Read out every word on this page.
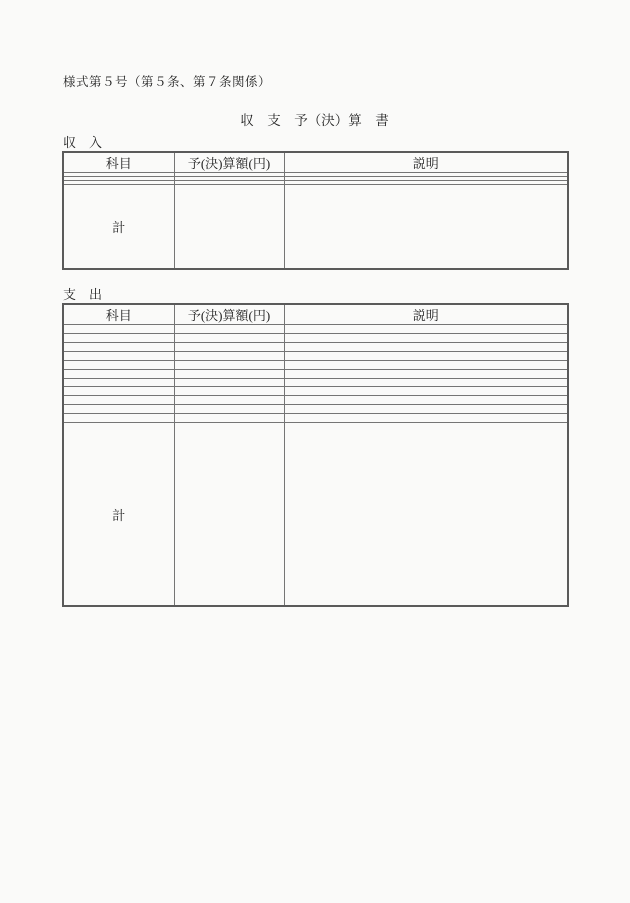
様式第５号（第５条、第７条関係）
収　支　予（決）算　書
収　入
科目	予(決)算額(円)	説明

計		
支　出
科目	予(決)算額(円)	説明

計		
